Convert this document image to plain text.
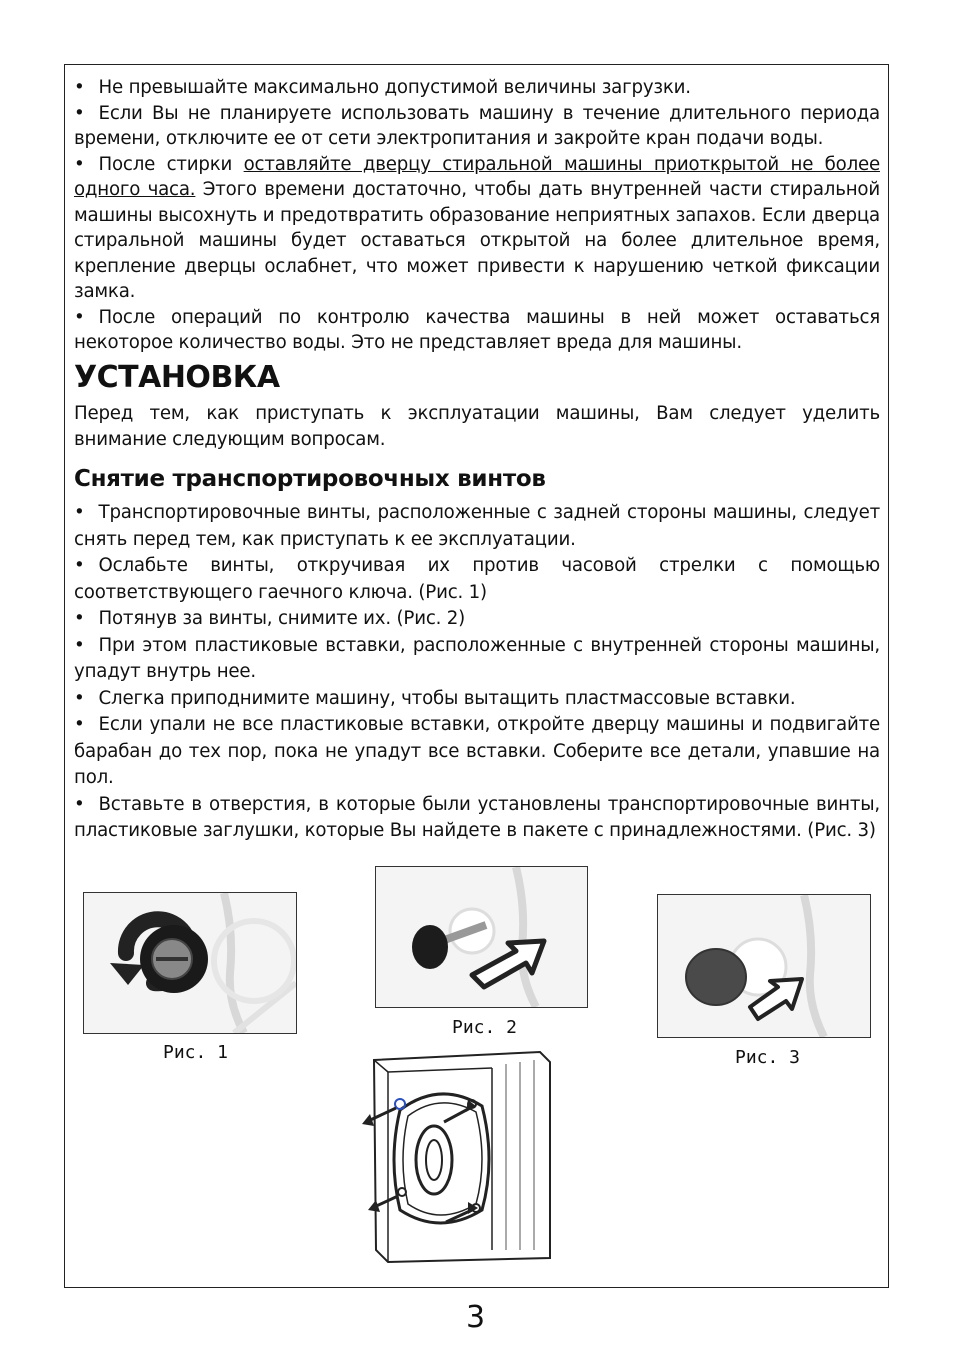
• Не превышайте максимально допустимой величины загрузки.

• Если Вы не планируете использовать машину в течение длительного периода времени, отключите ее от сети электропитания и закройте кран подачи воды.

• После стирки оставляйте дверцу стиральной машины приоткрытой не более одного часа. Этого времени достаточно, чтобы дать внутренней части стиральной машины высохнуть и предотвратить образование неприятных запахов. Если дверца стиральной машины будет оставаться открытой на более длительное время, крепление дверцы ослабнет, что может привести к нарушению четкой фиксации замка.

• После операций по контролю качества машины в ней может оставаться некоторое количество воды. Это не представляет вреда для машины.

УСТАНОВКА

Перед тем, как приступать к эксплуатации машины, Вам следует уделить внимание следующим вопросам.

Снятие транспортировочных винтов

• Транспортировочные винты, расположенные с задней стороны машины, следует снять перед тем, как приступать к ее эксплуатации.

• Ослабьте винты, откручивая их против часовой стрелки с помощью соответствующего гаечного ключа. (Рис. 1)

• Потянув за винты, снимите их. (Рис. 2)

• При этом пластиковые вставки, расположенные с внутренней стороны машины, упадут внутрь нее.

• Слегка приподнимите машину, чтобы вытащить пластмассовые вставки.

• Если упали не все пластиковые вставки, откройте дверцу машины и подвигайте барабан до тех пор, пока не упадут все вставки. Соберите все детали, упавшие на пол.

• Вставьте в отверстия, в которые были установлены транспортировочные винты, пластиковые заглушки, которые Вы найдете в пакете с принадлежностями. (Рис. 3)

Рис. 1
Рис. 2
Рис. 3
3
